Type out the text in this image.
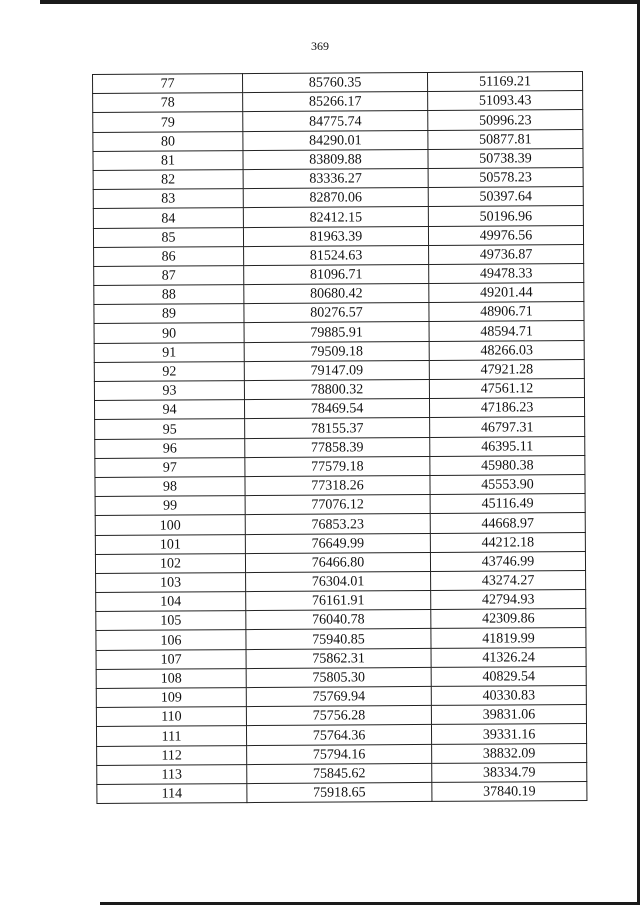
369
77	85760.35	51169.21
78	85266.17	51093.43
79	84775.74	50996.23
80	84290.01	50877.81
81	83809.88	50738.39
82	83336.27	50578.23
83	82870.06	50397.64
84	82412.15	50196.96
85	81963.39	49976.56
86	81524.63	49736.87
87	81096.71	49478.33
88	80680.42	49201.44
89	80276.57	48906.71
90	79885.91	48594.71
91	79509.18	48266.03
92	79147.09	47921.28
93	78800.32	47561.12
94	78469.54	47186.23
95	78155.37	46797.31
96	77858.39	46395.11
97	77579.18	45980.38
98	77318.26	45553.90
99	77076.12	45116.49
100	76853.23	44668.97
101	76649.99	44212.18
102	76466.80	43746.99
103	76304.01	43274.27
104	76161.91	42794.93
105	76040.78	42309.86
106	75940.85	41819.99
107	75862.31	41326.24
108	75805.30	40829.54
109	75769.94	40330.83
110	75756.28	39831.06
111	75764.36	39331.16
112	75794.16	38832.09
113	75845.62	38334.79
114	75918.65	37840.19
